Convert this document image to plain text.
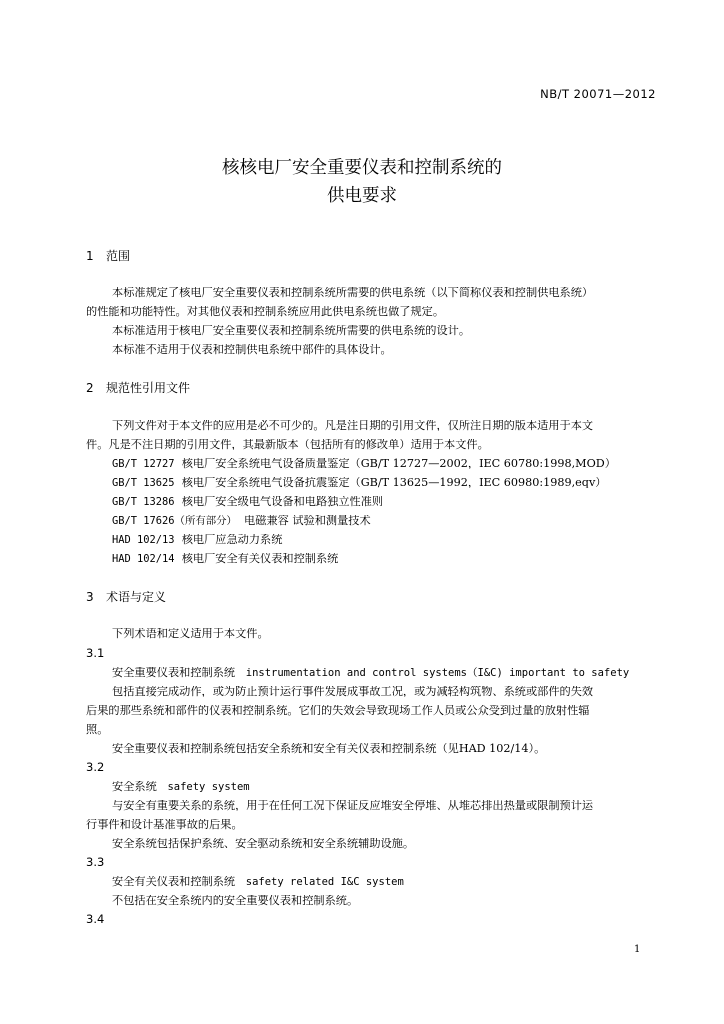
NB/T 20071—2012
核核电厂安全重要仪表和控制系统的
供电要求
1 范围
本标准规定了核电厂安全重要仪表和控制系统所需要的供电系统（以下简称仪表和控制供电系统）
的性能和功能特性。对其他仪表和控制系统应用此供电系统也做了规定。
本标准适用于核电厂安全重要仪表和控制系统所需要的供电系统的设计。
本标准不适用于仪表和控制供电系统中部件的具体设计。
2 规范性引用文件
下列文件对于本文件的应用是必不可少的。凡是注日期的引用文件，仅所注日期的版本适用于本文
件。凡是不注日期的引用文件，其最新版本（包括所有的修改单）适用于本文件。
GB/T 12727 核电厂安全系统电气设备质量鉴定（GB/T 12727—2002，IEC 60780:1998,MOD）
GB/T 13625 核电厂安全系统电气设备抗震鉴定（GB/T 13625—1992，IEC 60980:1989,eqv）
GB/T 13286 核电厂安全级电气设备和电路独立性准则
GB/T 17626（所有部分） 电磁兼容 试验和测量技术
HAD 102/13 核电厂应急动力系统
HAD 102/14 核电厂安全有关仪表和控制系统
3 术语与定义
下列术语和定义适用于本文件。
3.1
安全重要仪表和控制系统 instrumentation and control systems（I&C) important to safety
包括直接完成动作，或为防止预计运行事件发展成事故工况，或为减轻构筑物、系统或部件的失效
后果的那些系统和部件的仪表和控制系统。它们的失效会导致现场工作人员或公众受到过量的放射性辐
照。
安全重要仪表和控制系统包括安全系统和安全有关仪表和控制系统（见HAD 102/14）。
3.2
安全系统 safety system
与安全有重要关系的系统，用于在任何工况下保证反应堆安全停堆、从堆芯排出热量或限制预计运
行事件和设计基准事故的后果。
安全系统包括保护系统、安全驱动系统和安全系统辅助设施。
3.3
安全有关仪表和控制系统 safety related I&C system
不包括在安全系统内的安全重要仪表和控制系统。
3.4
1
